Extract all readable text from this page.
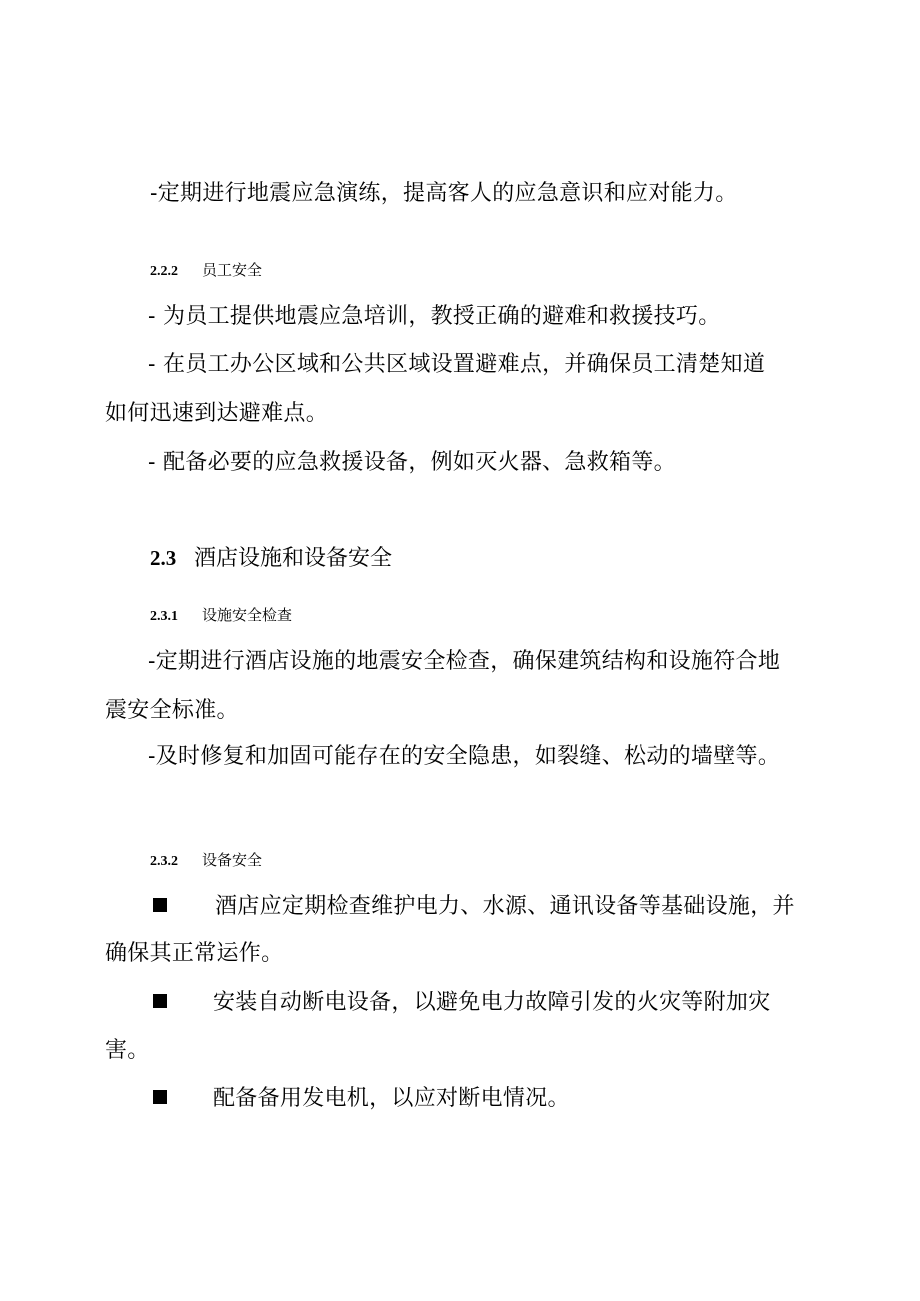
-定期进行地震应急演练，提高客人的应急意识和应对能力。

2.2.2 员工安全

- 为员工提供地震应急培训，教授正确的避难和救援技巧。

- 在员工办公区域和公共区域设置避难点，并确保员工清楚知道

如何迅速到达避难点。

- 配备必要的应急救援设备，例如灭火器、急救箱等。

2.3 酒店设施和设备安全
2.3.1 设施安全检查

-定期进行酒店设施的地震安全检查，确保建筑结构和设施符合地

震安全标准。

-及时修复和加固可能存在的安全隐患，如裂缝、松动的墙壁等。

2.3.2 设备安全

酒店应定期检查维护电力、水源、通讯设备等基础设施，并

确保其正常运作。

安装自动断电设备，以避免电力故障引发的火灾等附加灾

害。

配备备用发电机，以应对断电情况。
